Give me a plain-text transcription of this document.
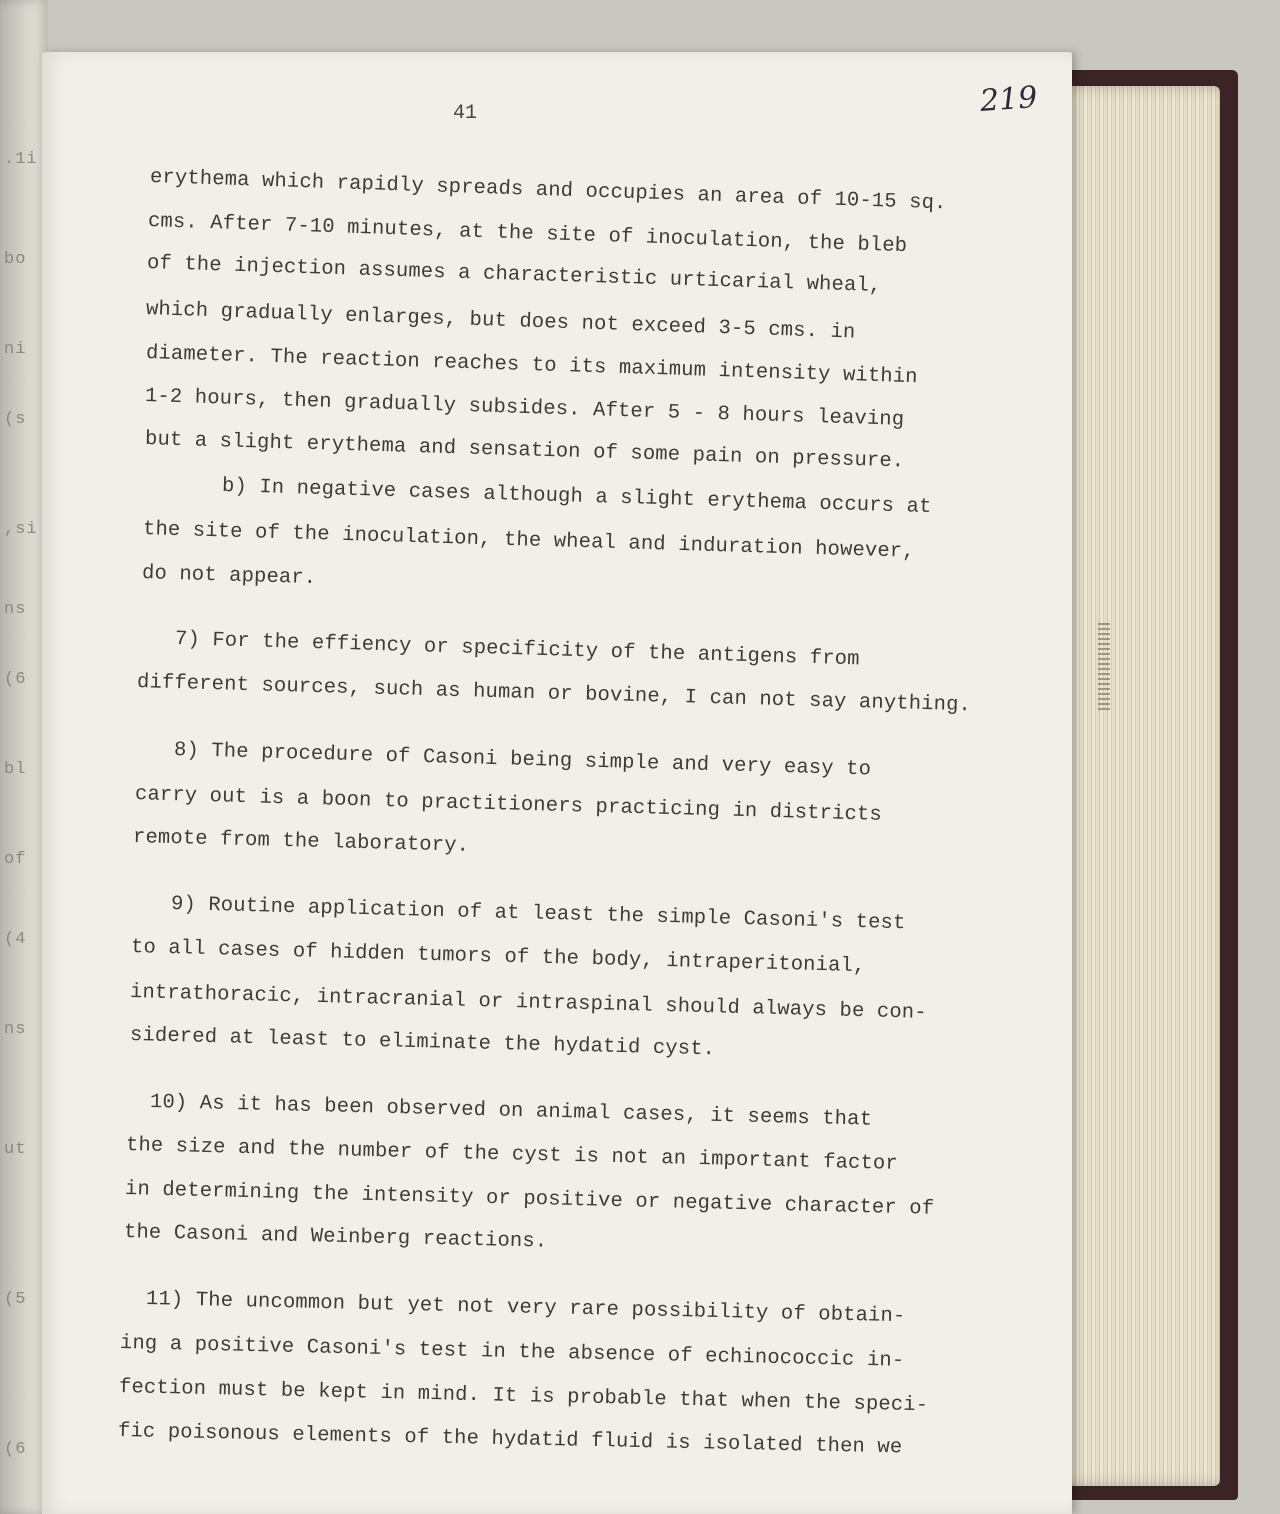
.1i
bo
ni
(s
,si
ns
(6
bl
of
(4
ns
ut
(5
(6
219
41
erythema which rapidly spreads and occupies an area of 10-15 sq.
cms. After 7-10 minutes, at the site of inoculation, the bleb
of the injection assumes a characteristic urticarial wheal,
which gradually enlarges, but does not exceed 3-5 cms. in
diameter. The reaction reaches to its maximum intensity within
1-2 hours, then gradually subsides. After 5 - 8 hours leaving
but a slight erythema and sensation of some pain on pressure.
b) In negative cases although a slight erythema occurs at
the site of the inoculation, the wheal and induration however,
do not appear.
7) For the effiency or specificity of the antigens from
different sources, such as human or bovine, I can not say anything.
8) The procedure of Casoni being simple and very easy to
carry out is a boon to practitioners practicing in districts
remote from the laboratory.
9) Routine application of at least the simple Casoni's test
to all cases of hidden tumors of the body, intraperitonial,
intrathoracic, intracranial or intraspinal should always be con-
sidered at least to eliminate the hydatid cyst.
10) As it has been observed on animal cases, it seems that
the size and the number of the cyst is not an important factor
in determining the intensity or positive or negative character of
the Casoni and Weinberg reactions.
11) The uncommon but yet not very rare possibility of obtain-
ing a positive Casoni's test in the absence of echinococcic in-
fection must be kept in mind. It is probable that when the speci-
fic poisonous elements of the hydatid fluid is isolated then we
